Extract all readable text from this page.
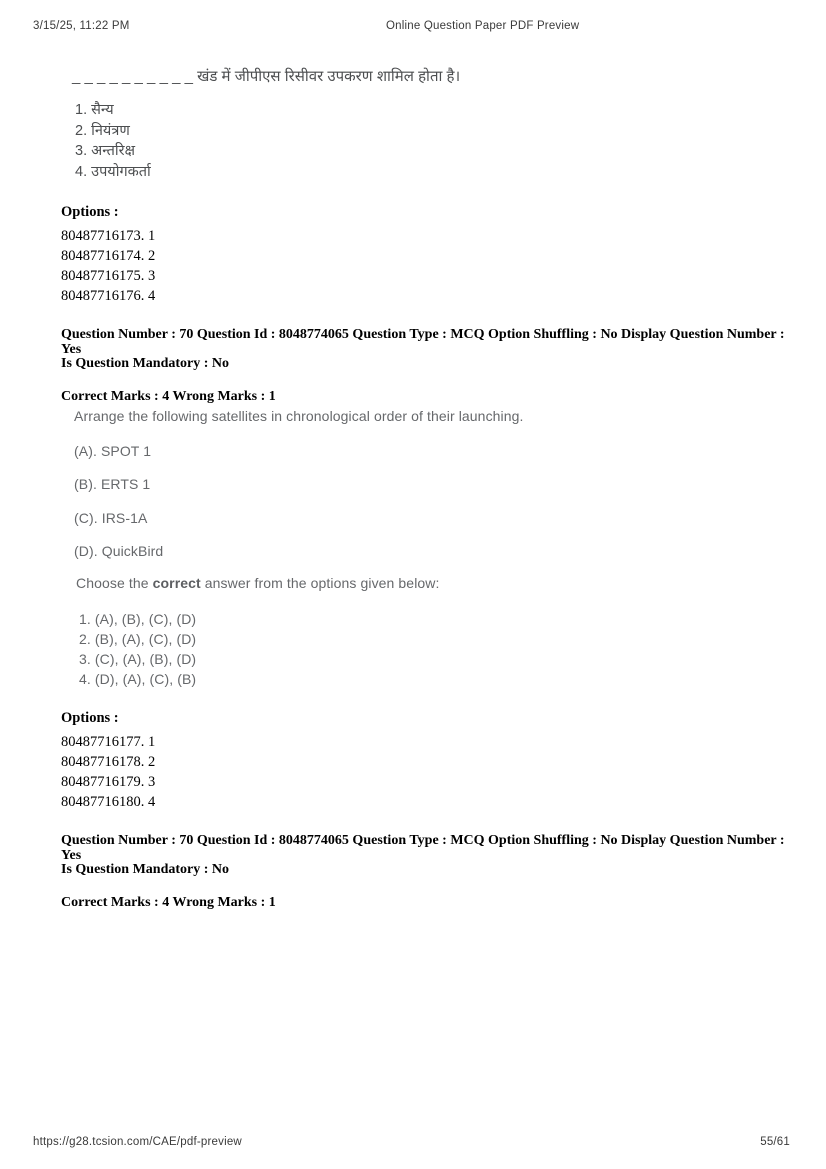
3/15/25, 11:22 PM	Online Question Paper PDF Preview
_ _ _ _ _ _ _ _ _ _ खंड में जीपीएस रिसीवर उपकरण शामिल होता है।
1. सैन्य
2. नियंत्रण
3. अन्तरिक्ष
4. उपयोगकर्ता
Options :
80487716173. 1
80487716174. 2
80487716175. 3
80487716176. 4
Question Number : 70 Question Id : 8048774065 Question Type : MCQ Option Shuffling : No Display Question Number : Yes
Is Question Mandatory : No
Correct Marks : 4 Wrong Marks : 1
Arrange the following satellites in chronological order of their launching.
(A). SPOT 1
(B). ERTS 1
(C). IRS-1A
(D). QuickBird
Choose the correct answer from the options given below:
1. (A), (B), (C), (D)
2. (B), (A), (C), (D)
3. (C), (A), (B), (D)
4. (D), (A), (C), (B)
Options :
80487716177. 1
80487716178. 2
80487716179. 3
80487716180. 4
Question Number : 70 Question Id : 8048774065 Question Type : MCQ Option Shuffling : No Display Question Number : Yes
Is Question Mandatory : No
Correct Marks : 4 Wrong Marks : 1
https://g28.tcsion.com/CAE/pdf-preview	55/61
